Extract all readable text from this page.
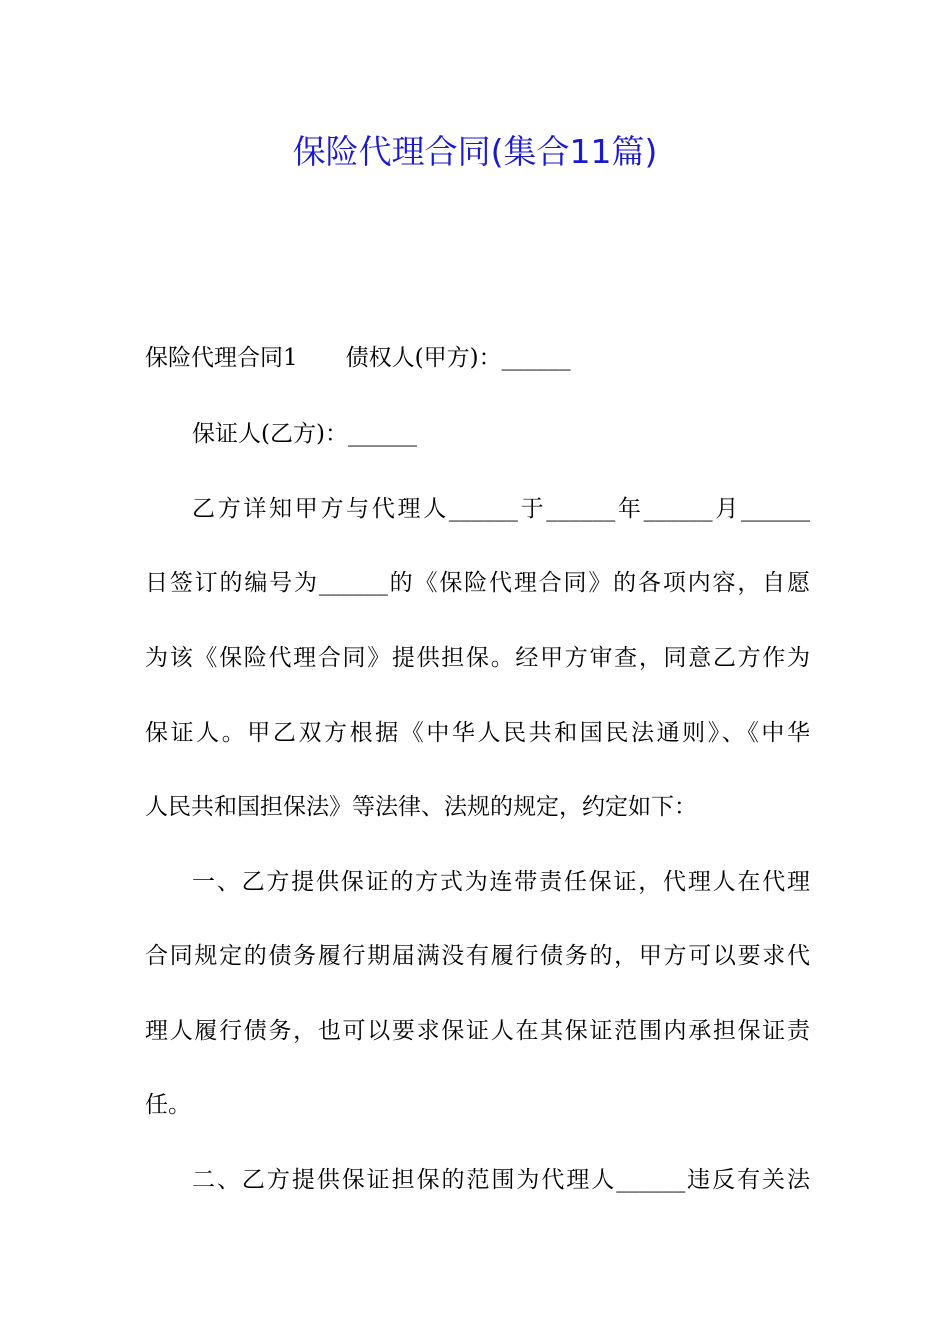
保险代理合同(集合11篇)
保险代理合同1 债权人(甲方)：______
保证人(乙方)：______
乙方详知甲方与代理人______于______年______月______
日签订的编号为______的《保险代理合同》的各项内容，自愿
为该《保险代理合同》提供担保。经甲方审查，同意乙方作为
保证人。甲乙双方根据《中华人民共和国民法通则》、《中华
人民共和国担保法》等法律、法规的规定，约定如下：
一、乙方提供保证的方式为连带责任保证，代理人在代理
合同规定的债务履行期届满没有履行债务的，甲方可以要求代
理人履行债务，也可以要求保证人在其保证范围内承担保证责
任。
二、乙方提供保证担保的范围为代理人______违反有关法
